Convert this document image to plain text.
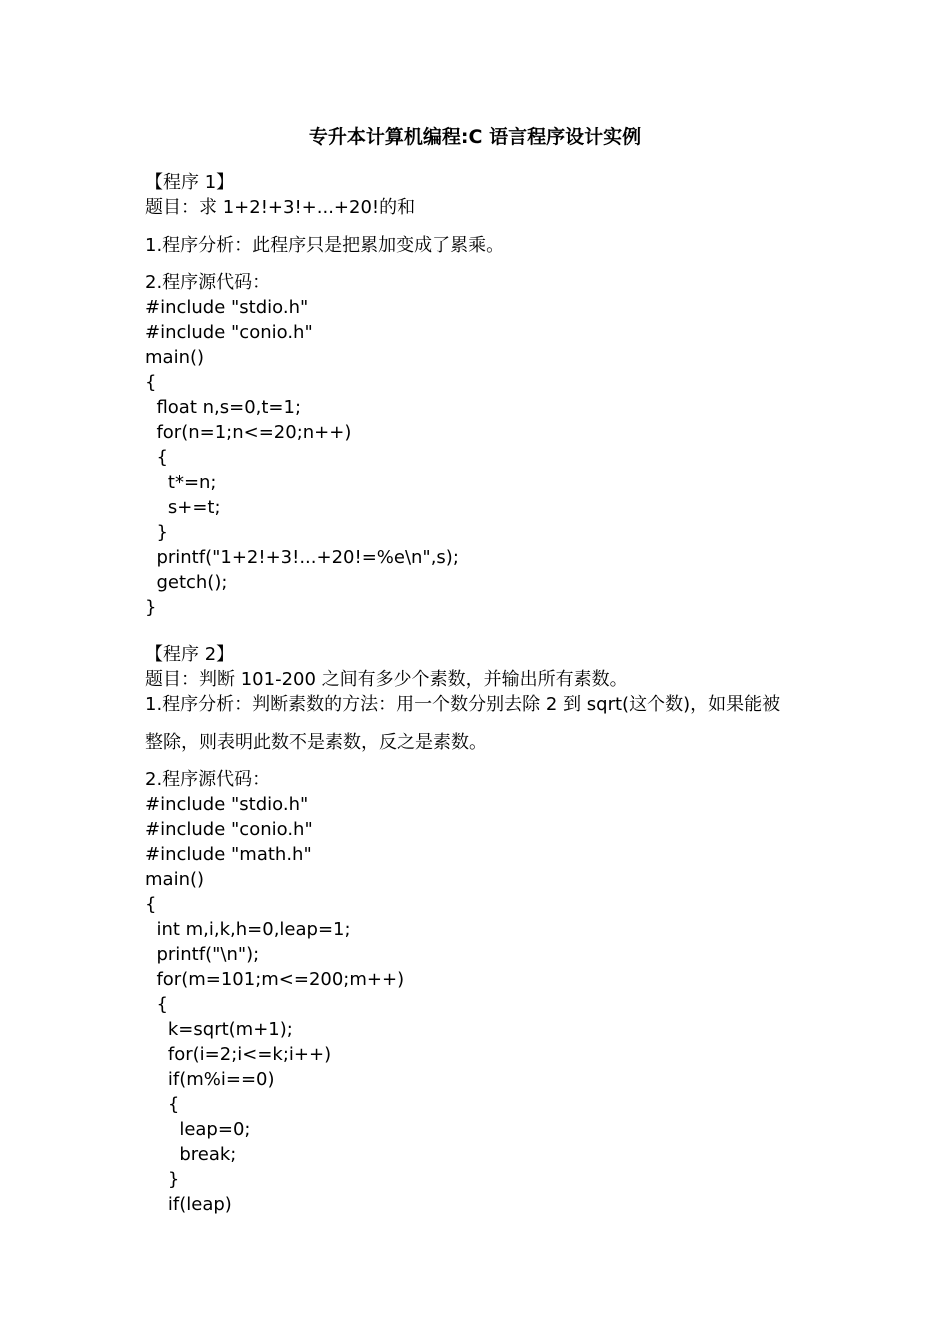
专升本计算机编程:C 语言程序设计实例
【程序 1】
题目：求 1+2!+3!+...+20!的和
1.程序分析：此程序只是把累加变成了累乘。
2.程序源代码：
#include "stdio.h"
#include "conio.h"
main()
{
float n,s=0,t=1;
for(n=1;n<=20;n++)
{
t*=n;
s+=t;
}
printf("1+2!+3!...+20!=%e\n",s);
getch();
}
【程序 2】
题目：判断 101-200 之间有多少个素数，并输出所有素数。
1.程序分析：判断素数的方法：用一个数分别去除 2 到 sqrt(这个数)，如果能被
整除，则表明此数不是素数，反之是素数。
2.程序源代码：
#include "stdio.h"
#include "conio.h"
#include "math.h"
main()
{
int m,i,k,h=0,leap=1;
printf("\n");
for(m=101;m<=200;m++)
{
k=sqrt(m+1);
for(i=2;i<=k;i++)
if(m%i==0)
{
leap=0;
break;
}
if(leap)
